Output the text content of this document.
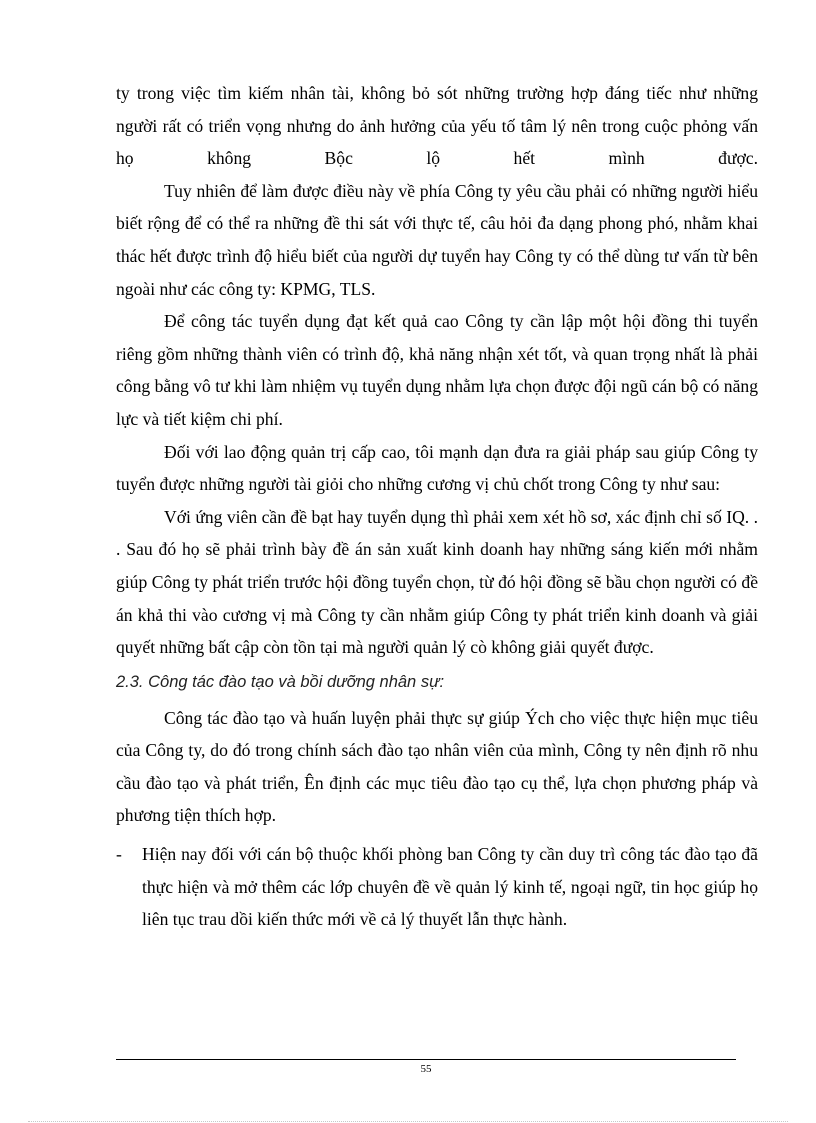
ty trong việc tìm kiếm nhân tài, không bỏ sót những trường hợp đáng tiếc như những người rất có triển vọng nhưng do ảnh hưởng của yếu tố tâm lý nên trong cuộc phỏng vấn họ không Bộc lộ hết mình được.

Tuy nhiên để làm được điều này về phía Công ty yêu cầu phải có những người hiểu biết rộng để có thể ra những đề thi sát với thực tế, câu hỏi đa dạng phong phó, nhằm khai thác hết được trình độ hiểu biết của người dự tuyển hay Công ty có thể dùng tư vấn từ bên ngoài như các công ty: KPMG, TLS.

Để công tác tuyển dụng đạt kết quả cao Công ty cần lập một hội đồng thi tuyển riêng gồm những thành viên có trình độ, khả năng nhận xét tốt, và quan trọng nhất là phải công bằng vô tư khi làm nhiệm vụ tuyển dụng nhằm lựa chọn được đội ngũ cán bộ có năng lực và tiết kiệm chi phí.

Đối với lao động quản trị cấp cao, tôi mạnh dạn đưa ra giải pháp sau giúp Công ty tuyển được những người tài giỏi cho những cương vị chủ chốt trong Công ty như sau:

Với ứng viên cần đề bạt hay tuyển dụng thì phải xem xét hồ sơ, xác định chỉ số IQ. . . Sau đó họ sẽ phải trình bày đề án sản xuất kinh doanh hay những sáng kiến mới nhằm giúp Công ty phát triển trước hội đồng tuyển chọn, từ đó hội đồng sẽ bầu chọn người có đề án khả thi vào cương vị mà Công ty cần nhằm giúp Công ty phát triển kinh doanh và giải quyết những bất cập còn tồn tại mà người quản lý cò không giải quyết được.

2.3. Công tác đào tạo và bồi dưỡng nhân sự:

Công tác đào tạo và huấn luyện phải thực sự giúp Ých cho việc thực hiện mục tiêu của Công ty, do đó trong chính sách đào tạo nhân viên của mình, Công ty nên định rõ nhu cầu đào tạo và phát triển, Ên định các mục tiêu đào tạo cụ thể, lựa chọn phương pháp và phương tiện thích hợp.

-	Hiện nay đối với cán bộ thuộc khối phòng ban Công ty cần duy trì công tác đào tạo đã thực hiện và mở thêm các lớp chuyên đề về quản lý kinh tế, ngoại ngữ, tin học giúp họ liên tục trau dồi kiến thức mới về cả lý thuyết lẫn thực hành.

55
